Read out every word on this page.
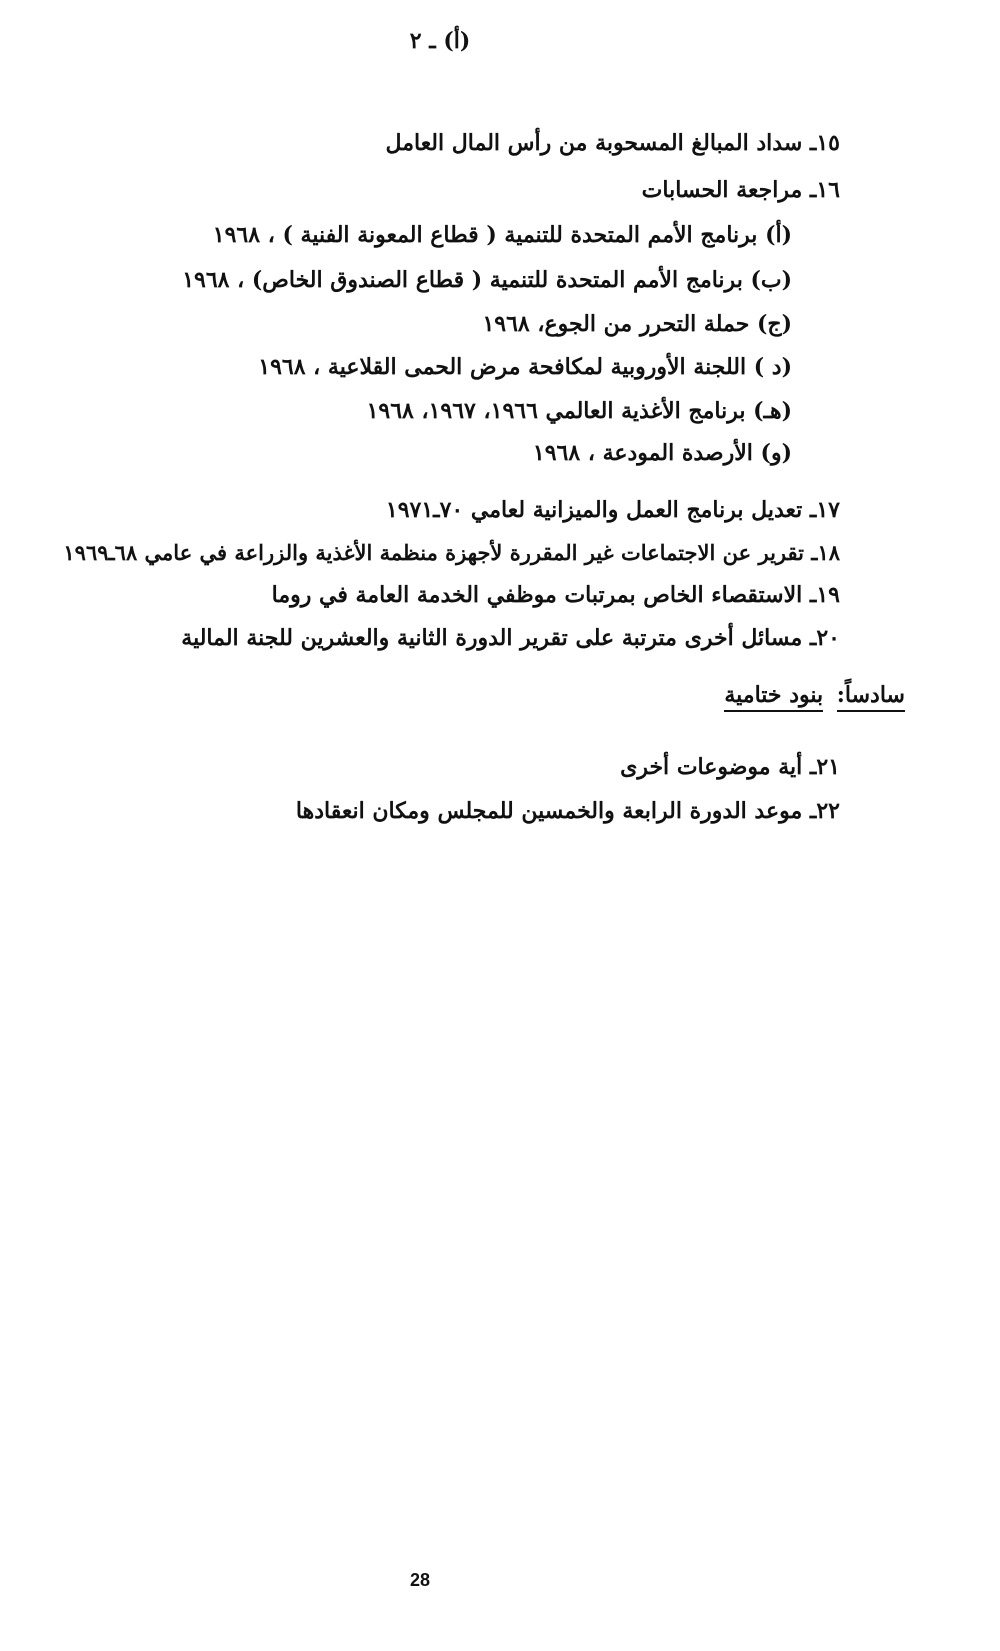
(أ) ـ ٢
١٥ـ سداد المبالغ المسحوبة من رأس المال العامل
١٦ـ مراجعة الحسابات
(أ) برنامج الأمم المتحدة للتنمية ( قطاع المعونة الفنية ) ، ١٩٦٨
(ب) برنامج الأمم المتحدة للتنمية ( قطاع الصندوق الخاص) ، ١٩٦٨
(ج) حملة التحرر من الجوع، ١٩٦٨
(د ) اللجنة الأوروبية لمكافحة مرض الحمى القلاعية ، ١٩٦٨
(هـ) برنامج الأغذية العالمي ١٩٦٦، ١٩٦٧، ١٩٦٨
(و) الأرصدة المودعة ، ١٩٦٨
١٧ـ تعديل برنامج العمل والميزانية لعامي ٧٠ـ١٩٧١
١٨ـ تقرير عن الاجتماعات غير المقررة لأجهزة منظمة الأغذية والزراعة في عامي ٦٨ـ١٩٦٩
١٩ـ الاستقصاء الخاص بمرتبات موظفي الخدمة العامة في روما
٢٠ـ مسائل أخرى مترتبة على تقرير الدورة الثانية والعشرين للجنة المالية
سادساً: بنود ختامية
٢١ـ أية موضوعات أخرى
٢٢ـ موعد الدورة الرابعة والخمسين للمجلس ومكان انعقادها
28
